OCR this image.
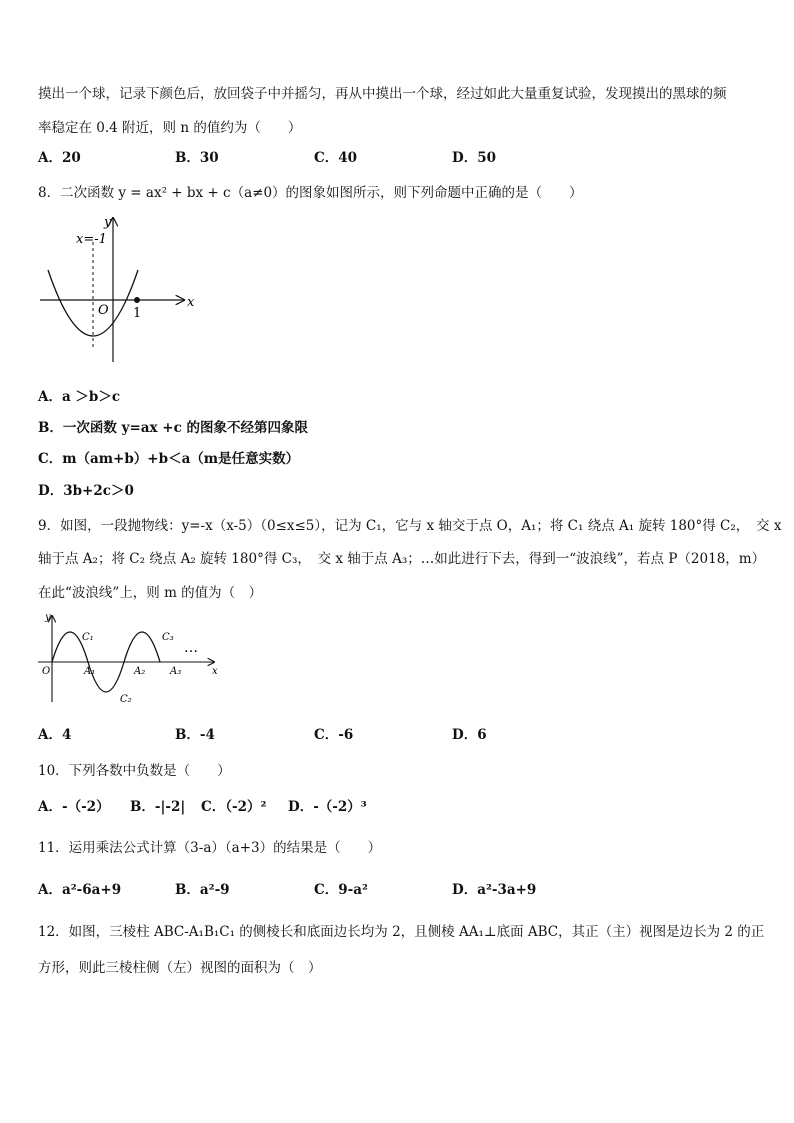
摸出一个球，记录下颜色后，放回袋子中并摇匀，再从中摸出一个球，经过如此大量重复试验，发现摸出的黑球的频
率稳定在 0.4 附近，则 n 的值约为（　　）
A．20	B．30	C．40	D．50
8．二次函数 y = ax² + bx + c（a≠0）的图象如图所示，则下列命题中正确的是（　　）
y
x
O 1
x=-1
A．a ＞b＞c
B．一次函数 y=ax +c 的图象不经第四象限
C．m（am+b）+b＜a（m是任意实数）
D．3b+2c＞0
9．如图，一段抛物线：y=-x（x-5）（0≤x≤5），记为 C₁，它与 x 轴交于点 O，A₁；将 C₁ 绕点 A₁ 旋转 180°得 C₂，　交 x
轴于点 A₂；将 C₂ 绕点 A₂ 旋转 180°得 C₃，　交 x 轴于点 A₃；…如此进行下去，得到一“波浪线”，若点 P（2018，m）
在此“波浪线”上，则 m 的值为（　）
y
x
O
C₁
C₂
C₃
A₁	A₂ A₃
…
A．4	B．-4	C．-6	D．6
10．下列各数中负数是（　　）
A．-（-2） B．-|-2| C．（-2）² D．-（-2）³
11．运用乘法公式计算（3-a）（a+3）的结果是（　　）
A．a²-6a+9	B．a²-9	C．9-a²	D．a²-3a+9
12．如图，三棱柱 ABC-A₁B₁C₁ 的侧棱长和底面边长均为 2，且侧棱 AA₁⊥底面 ABC，其正（主）视图是边长为 2 的正
方形，则此三棱柱侧（左）视图的面积为（　）
